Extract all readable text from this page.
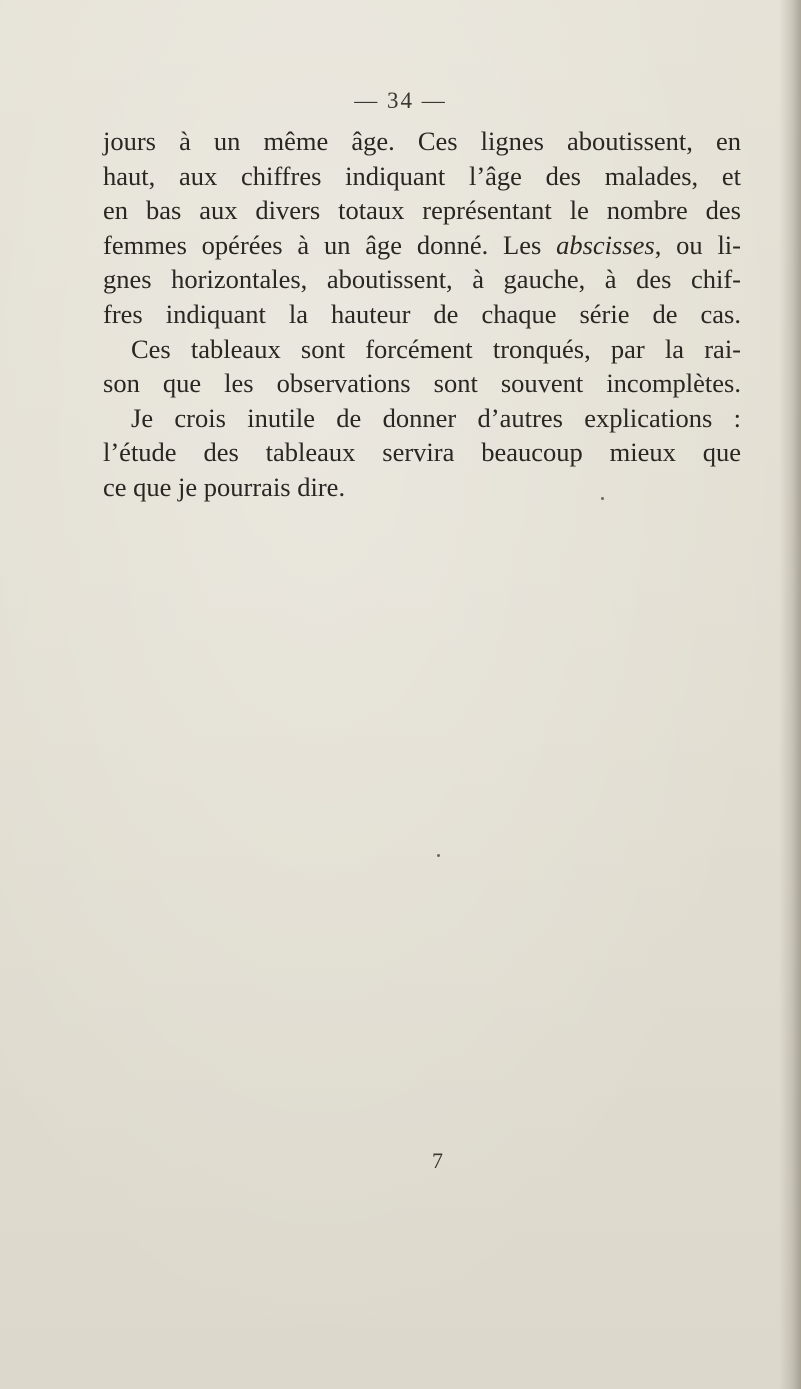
— 34 —
jours à un même âge. Ces lignes aboutissent, en
haut, aux chiffres indiquant l’âge des malades, et
en bas aux divers totaux représentant le nombre des
femmes opérées à un âge donné. Les abscisses, ou li-
gnes horizontales, aboutissent, à gauche, à des chif-
fres indiquant la hauteur de chaque série de cas.
Ces tableaux sont forcément tronqués, par la rai-
son que les observations sont souvent incomplètes.
Je crois inutile de donner d’autres explications :
l’étude des tableaux servira beaucoup mieux que
ce que je pourrais dire.
7
